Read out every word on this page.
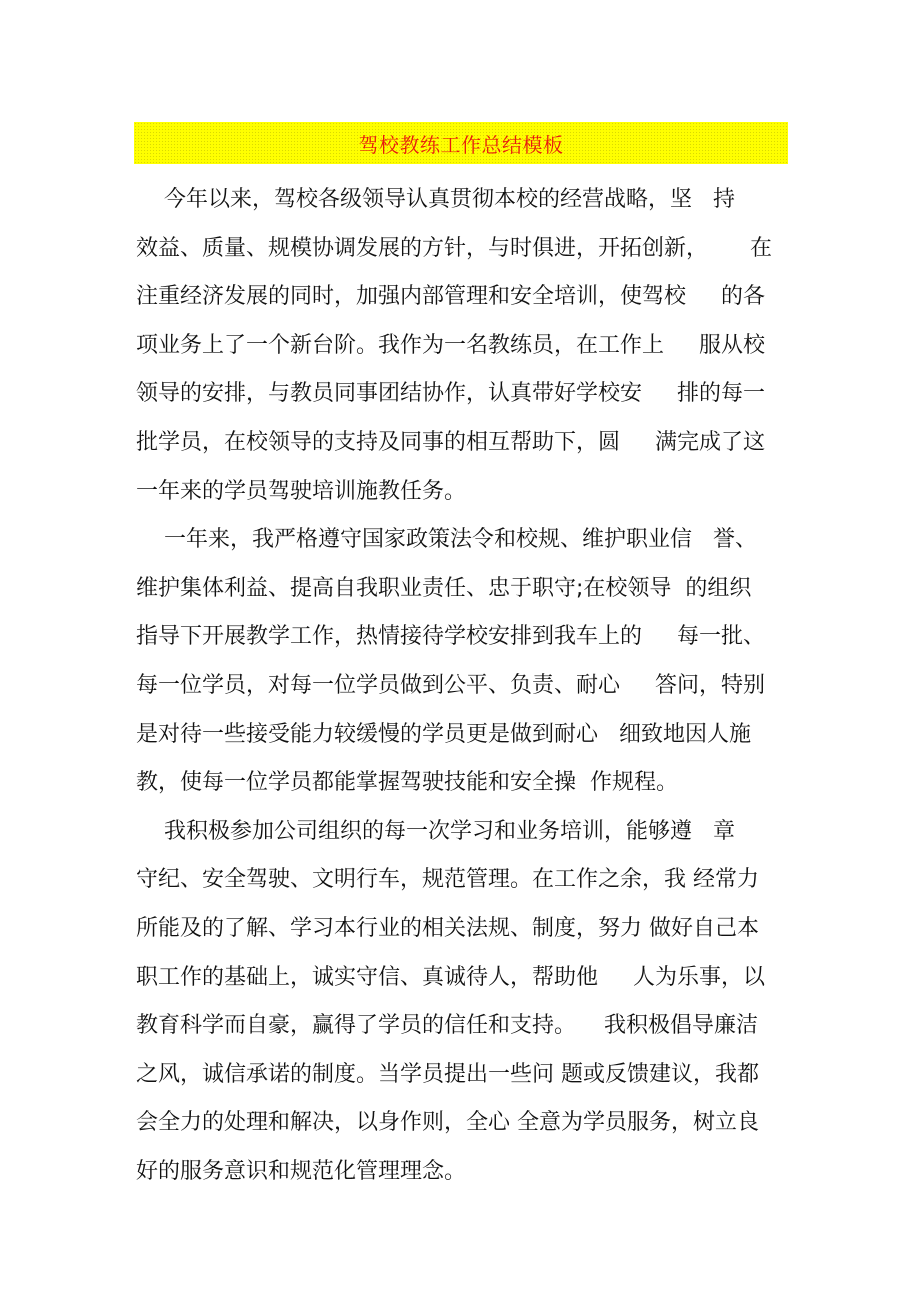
驾校教练工作总结模板
今年以来，驾校各级领导认真贯彻本校的经营战略，坚   持
效益、质量、规模协调发展的方针，与时俱进，开拓创新，      在
注重经济发展的同时，加强内部管理和安全培训，使驾校     的各
项业务上了一个新台阶。我作为一名教练员，在工作上     服从校
领导的安排，与教员同事团结协作，认真带好学校安     排的每一
批学员，在校领导的支持及同事的相互帮助下，圆     满完成了这
一年来的学员驾驶培训施教任务。
一年来，我严格遵守国家政策法令和校规、维护职业信   誉、
维护集体利益、提高自我职业责任、忠于职守;在校领导  的组织
指导下开展教学工作，热情接待学校安排到我车上的     每一批、
每一位学员，对每一位学员做到公平、负责、耐心     答问，特别
是对待一些接受能力较缓慢的学员更是做到耐心   细致地因人施
教，使每一位学员都能掌握驾驶技能和安全操  作规程。
我积极参加公司组织的每一次学习和业务培训，能够遵   章
守纪、安全驾驶、文明行车，规范管理。在工作之余，我 经常力
所能及的了解、学习本行业的相关法规、制度，努力 做好自己本
职工作的基础上，诚实守信、真诚待人，帮助他     人为乐事，以
教育科学而自豪，赢得了学员的信任和支持。    我积极倡导廉洁
之风，诚信承诺的制度。当学员提出一些问 题或反馈建议，我都
会全力的处理和解决，以身作则，全心 全意为学员服务，树立良
好的服务意识和规范化管理理念。
